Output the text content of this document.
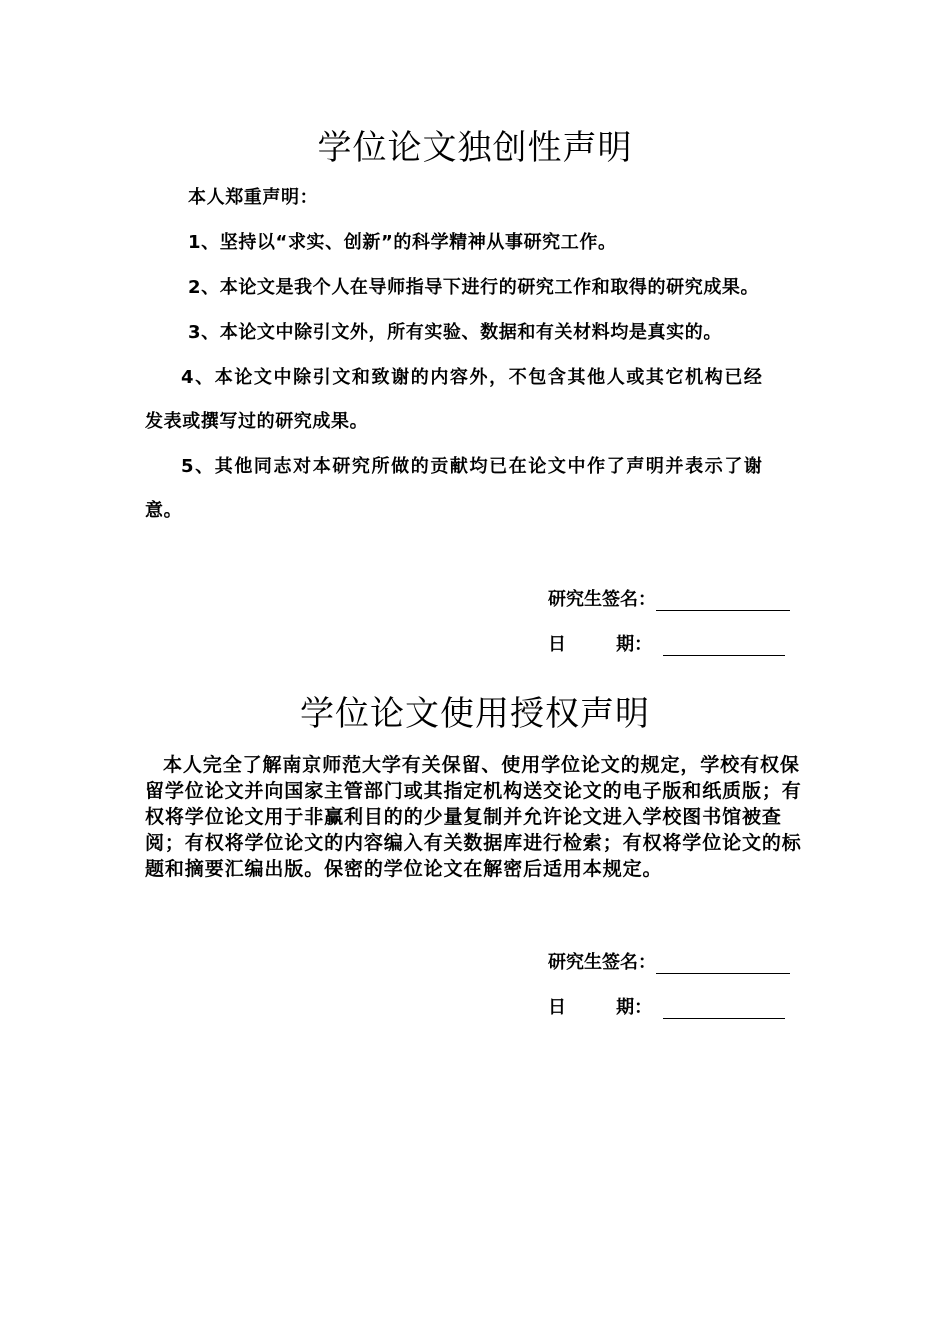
学位论文独创性声明

本人郑重声明：

1、坚持以“求实、创新”的科学精神从事研究工作。

2、本论文是我个人在导师指导下进行的研究工作和取得的研究成果。

3、本论文中除引文外，所有实验、数据和有关材料均是真实的。

4、本论文中除引文和致谢的内容外，不包含其他人或其它机构已经

发表或撰写过的研究成果。

5、其他同志对本研究所做的贡献均已在论文中作了声明并表示了谢

意。

研究生签名：
日        期：
学位论文使用授权声明

本人完全了解南京师范大学有关保留、使用学位论文的规定，学校有权保留学位论文并向国家主管部门或其指定机构送交论文的电子版和纸质版；有权将学位论文用于非赢利目的的少量复制并允许论文进入学校图书馆被查阅；有权将学位论文的内容编入有关数据库进行检索；有权将学位论文的标题和摘要汇编出版。保密的学位论文在解密后适用本规定。

研究生签名：
日        期：
